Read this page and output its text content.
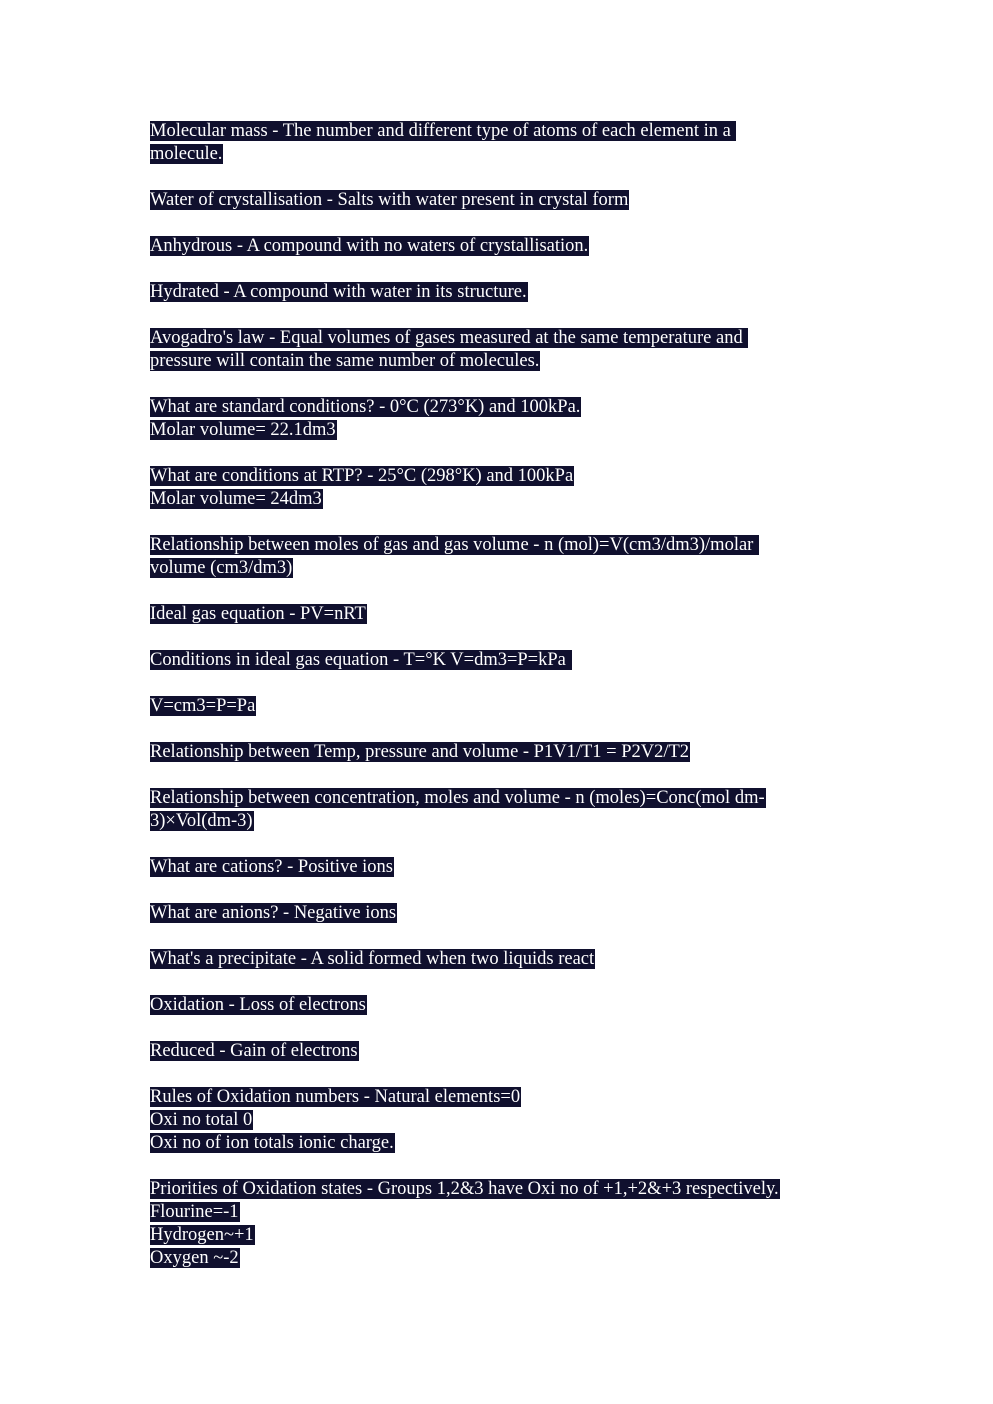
Molecular mass - The number and different type of atoms of each element in a
molecule.
Water of crystallisation - Salts with water present in crystal form
Anhydrous - A compound with no waters of crystallisation.
Hydrated - A compound with water in its structure.
Avogadro's law - Equal volumes of gases measured at the same temperature and
pressure will contain the same number of molecules.
What are standard conditions? - 0°C (273°K) and 100kPa.
Molar volume= 22.1dm3
What are conditions at RTP? - 25°C (298°K) and 100kPa
Molar volume= 24dm3
Relationship between moles of gas and gas volume - n (mol)=V(cm3/dm3)/molar
volume (cm3/dm3)
Ideal gas equation - PV=nRT
Conditions in ideal gas equation - T=°K V=dm3=P=kPa
V=cm3=P=Pa
Relationship between Temp, pressure and volume - P1V1/T1 = P2V2/T2
Relationship between concentration, moles and volume - n (moles)=Conc(mol dm-
3)×Vol(dm-3)
What are cations? - Positive ions
What are anions? - Negative ions
What's a precipitate - A solid formed when two liquids react
Oxidation - Loss of electrons
Reduced - Gain of electrons
Rules of Oxidation numbers - Natural elements=0
Oxi no total 0
Oxi no of ion totals ionic charge.
Priorities of Oxidation states - Groups 1,2&3 have Oxi no of +1,+2&+3 respectively.
Flourine=-1
Hydrogen~+1
Oxygen ~-2
